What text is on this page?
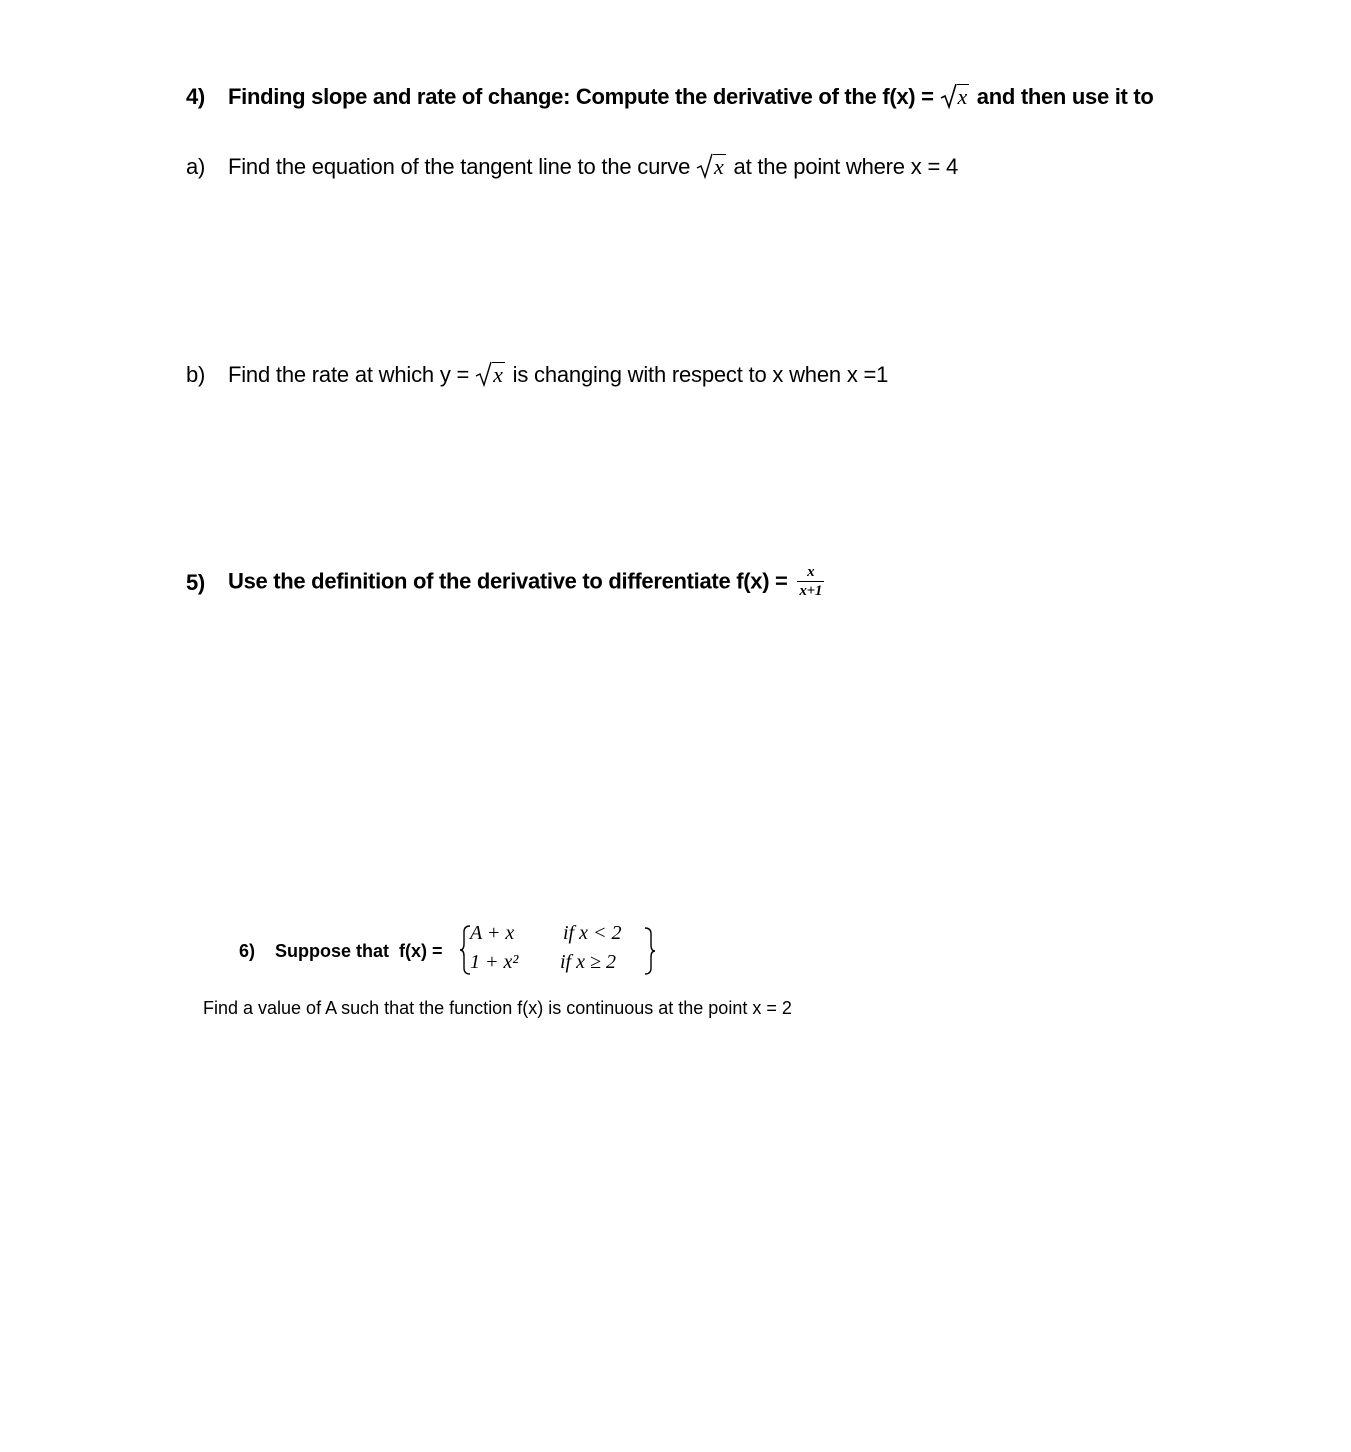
4) Finding slope and rate of change: Compute the derivative of the f(x) = x and then use it to
a) Find the equation of the tangent line to the curve x at the point where x = 4
b) Find the rate at which y = x is changing with respect to x when x =1
5) Use the definition of the derivative to differentiate $f(x) = \frac{x}{x+1}$
6) Suppose that  f(x) =
A + x if x < 2
1 + x² if x ≥ 2
Find a value of A such that the function f(x) is continuous at the point x = 2
